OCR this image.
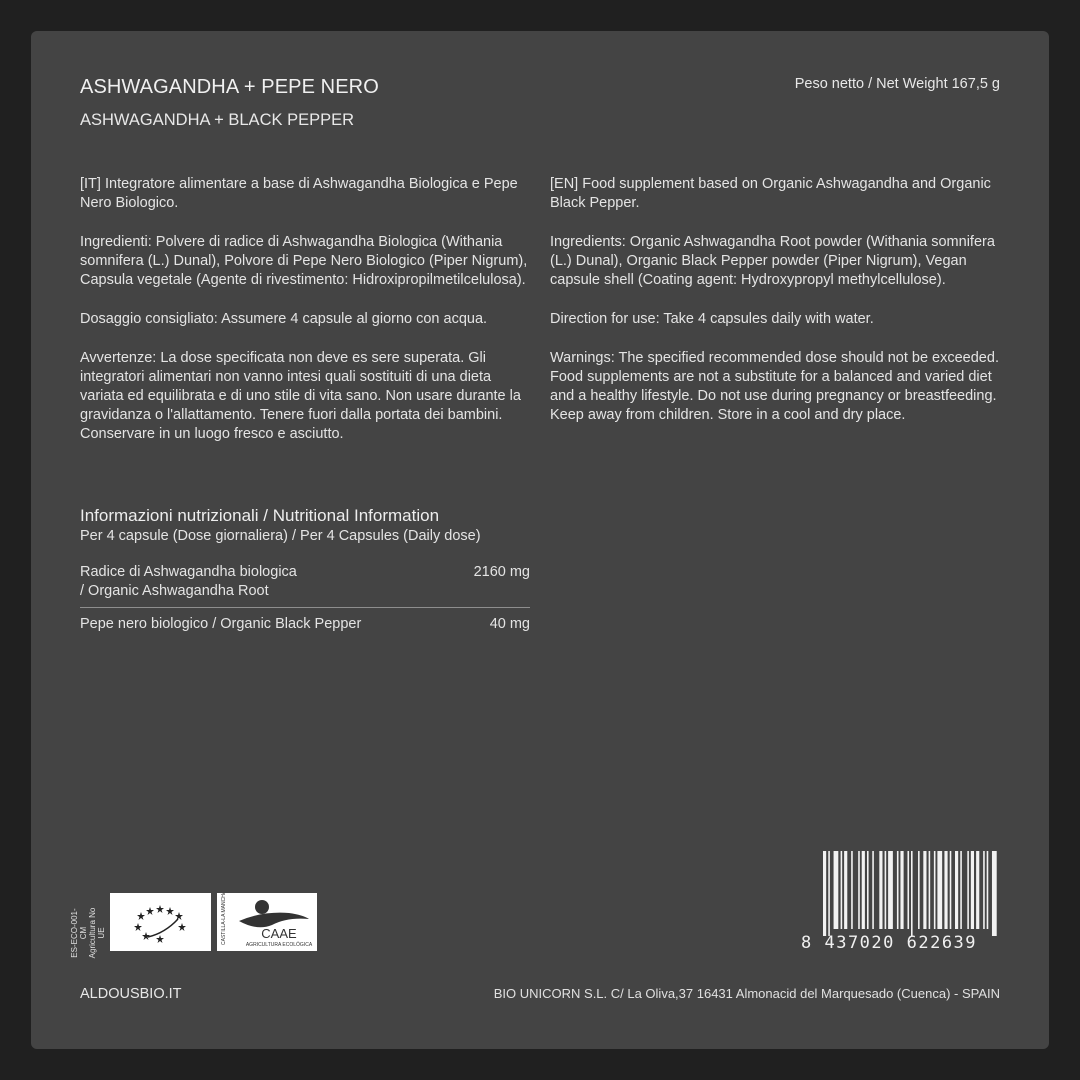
ASHWAGANDHA + PEPE NERO
ASHWAGANDHA + BLACK PEPPER
Peso netto / Net Weight 167,5 g

[IT] Integratore alimentare a base di Ashwagandha Biologica e Pepe Nero Biologico.

Ingredienti: Polvere di radice di Ashwagandha Biologica (Withania somnifera (L.) Dunal), Polvore di Pepe Nero Biologico (Piper Nigrum), Capsula vegetale (Agente di rivestimento: Hidroxipropilmetilcelulosa).

Dosaggio consigliato: Assumere 4 capsule al giorno con acqua.

Avvertenze: La dose specificata non deve es sere superata. Gli integratori alimentari non vanno intesi quali sostituiti di una dieta variata ed equilibrata e di uno stile di vita sano. Non usare durante la gravidanza o l'allattamento. Tenere fuori dalla portata dei bambini. Conservare in un luogo fresco e asciutto.

[EN] Food supplement based on Organic Ashwagandha and Organic Black Pepper.

Ingredients: Organic Ashwagandha Root powder (Withania somnifera (L.) Dunal), Organic Black Pepper powder (Piper Nigrum), Vegan capsule shell (Coating agent: Hydroxypropyl methylcellulose).

Direction for use: Take 4 capsules daily with water.

Warnings: The specified recommended dose should not be exceeded. Food supplements are not a substitute for a balanced and varied diet and a healthy lifestyle. Do not use during pregnancy or breastfeeding. Keep away from children. Store in a cool and dry place.

Informazioni nutrizionali / Nutritional Information
Per 4 capsule (Dose giornaliera) / Per 4 Capsules (Daily dose)
Radice di Ashwagandha biologica
/ Organic Ashwagandha Root
2160 mg
Pepe nero biologico / Organic Black Pepper	40 mg
ES-ECO-001-CM Agricultura No UE	CAAE
AGRICULTURA ECOLÓGICA
CASTILLA-LA MANCHA	8 437020 622639
ALDOUSBIO.IT	BIO UNICORN S.L. C/ La Oliva,37 16431 Almonacid del Marquesado (Cuenca) - SPAIN
